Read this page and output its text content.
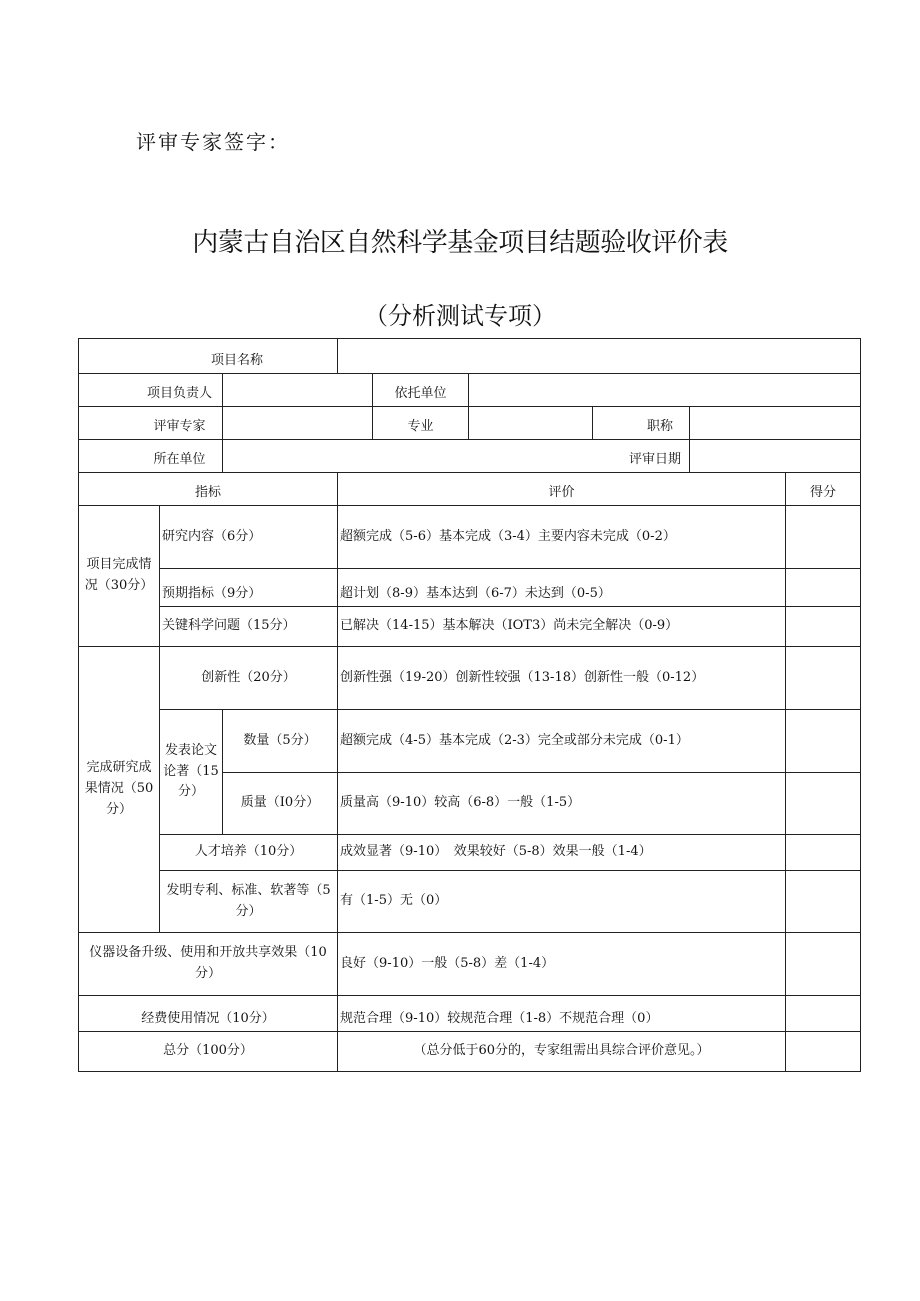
评审专家签字：
内蒙古自治区自然科学基金项目结题验收评价表
（分析测试专项）
项目名称								
项目负责人				依托单位				
评审专家				专业		职称		
所在单位						评审日期		
指标			评价					得分
项目完成情况（30分）	研究内容（6分）		超额完成（5-6）基本完成（3-4）主要内容未完成（0-2）					
	预期指标（9分）		超计划（8-9）基本达到（6-7）未达到（0-5）					
	关键科学问题（15分）		已解决（14-15）基本解决（IOT3）尚未完全解决（0-9）					
完成研究成果情况（50分）	创新性（20分）		创新性强（19-20）创新性较强（13-18）创新性一般（0-12）					
	发表论文论著（15分）	数量（5分）	超额完成（4-5）基本完成（2-3）完全或部分未完成（0-1）					
		质量（I0分）	质量高（9-10）较高（6-8）一般（1-5）					
	人才培养（10分）		成效显著（9-10）　效果较好（5-8）效果一般（1-4）					
	发明专利、标准、软著等（5分）		有（1-5）无（0）					
仪器设备升级、使用和开放共享效果（10分）			良好（9-10）一般（5-8）差（1-4）					
经费使用情况（10分）			规范合理（9-10）较规范合理（1-8）不规范合理（0）					
总分（100分）			（总分低于60分的，专家组需出具综合评价意见。）					
